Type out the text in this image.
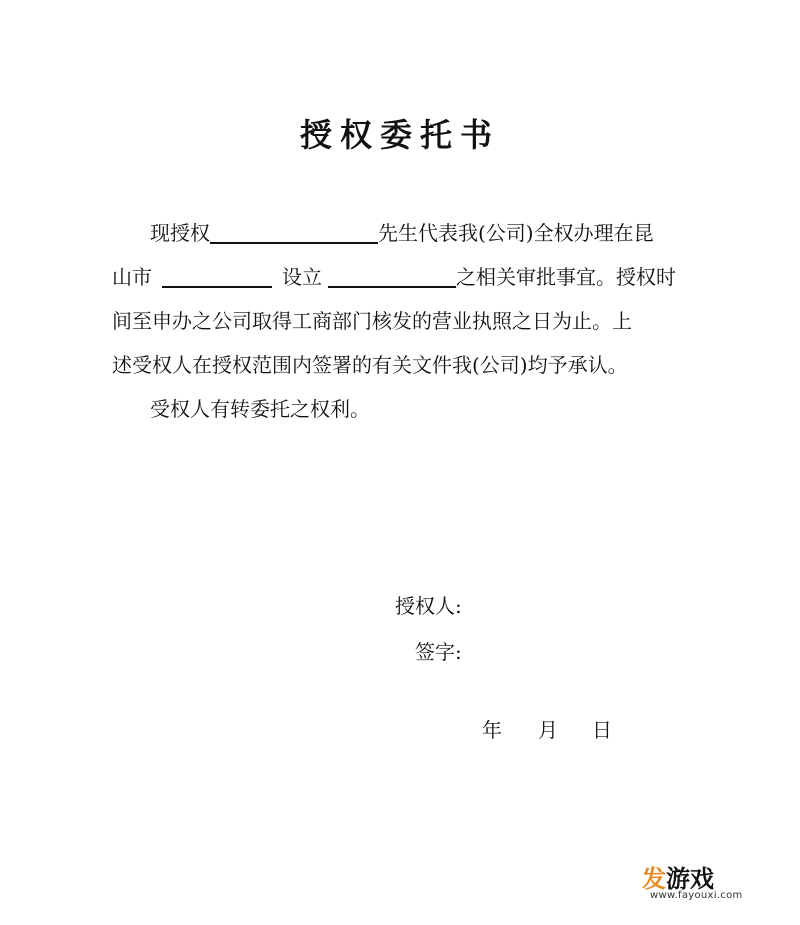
授权委托书
现授权	先生代表我(公司)全权办理在昆
山市	设立	之相关审批事宜。授权时
间至申办之公司取得工商部门核发的营业执照之日为止。上
述受权人在授权范围内签署的有关文件我(公司)均予承认。
受权人有转委托之权利。
授权人:
签字:
年 月 日
发游戏
www.fayouxi.com
